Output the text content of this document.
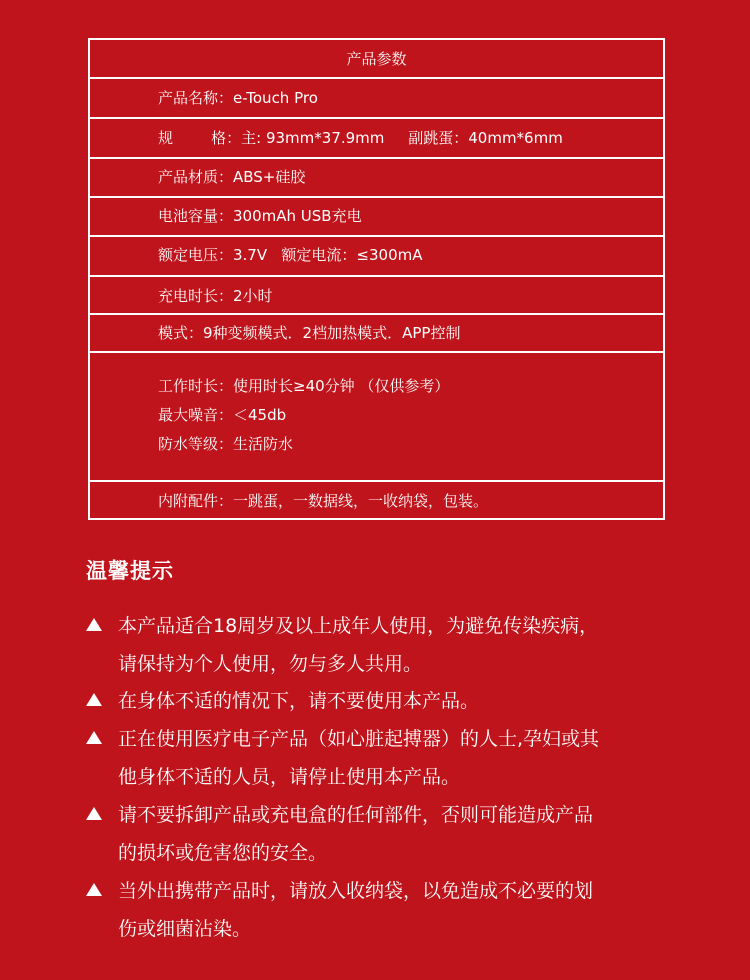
产品参数
产品名称：e-Touch Pro
规        格：主: 93mm*37.9mm     副跳蛋：40mm*6mm
产品材质：ABS+硅胶
电池容量：300mAh USB充电
额定电压：3.7V   额定电流：≤300mA
充电时长：2小时
模式：9种变频模式．2档加热模式．APP控制
工作时长：使用时长≥40分钟 （仅供参考）
最大噪音：＜45db
防水等级：生活防水
内附配件：一跳蛋，一数据线，一收纳袋，包装。
温馨提示
本产品适合18周岁及以上成年人使用，为避免传染疾病，
请保持为个人使用，勿与多人共用。
在身体不适的情况下，请不要使用本产品。
正在使用医疗电子产品（如心脏起搏器）的人士,孕妇或其
他身体不适的人员，请停止使用本产品。
请不要拆卸产品或充电盒的任何部件，否则可能造成产品
的损坏或危害您的安全。
当外出携带产品时，请放入收纳袋，以免造成不必要的划
伤或细菌沾染。
